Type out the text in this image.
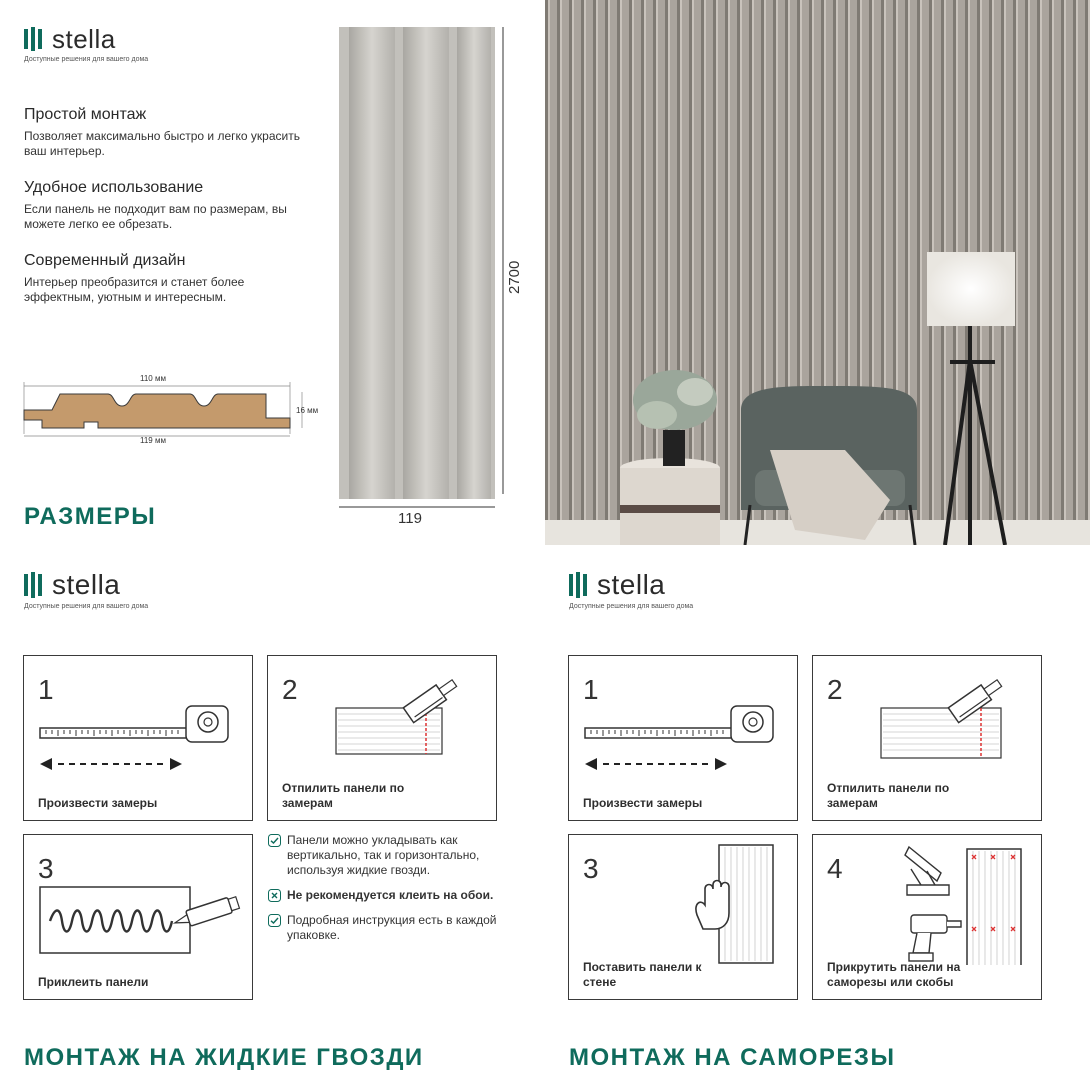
stella
Доступные решения для вашего дома
Простой монтаж
Позволяет максимально быстро и легко украсить ваш интерьер.
Удобное использование
Если панель не подходит вам по размерам, вы можете легко ее обрезать.
Современный дизайн
Интерьер преобразится и станет более эффектным, уютным и интересным.
110 мм
119 мм
16 мм
РАЗМЕРЫ
2700
119
stella
Доступные решения для вашего дома
stella
Доступные решения для вашего дома
1
Произвести замеры
2
Отпилить панели по замерам
3
Приклеить панели
Панели можно укладывать как вертикально, так и горизонтально, используя жидкие гвозди.
Не рекомендуется клеить на обои.
Подробная инструкция есть в каждой упаковке.
1
Произвести замеры
2
Отпилить панели по замерам
3
Поставить панели к стене
4
Прикрутить панели на саморезы или скобы
МОНТАЖ НА ЖИДКИЕ ГВОЗДИ	МОНТАЖ НА САМОРЕЗЫ
